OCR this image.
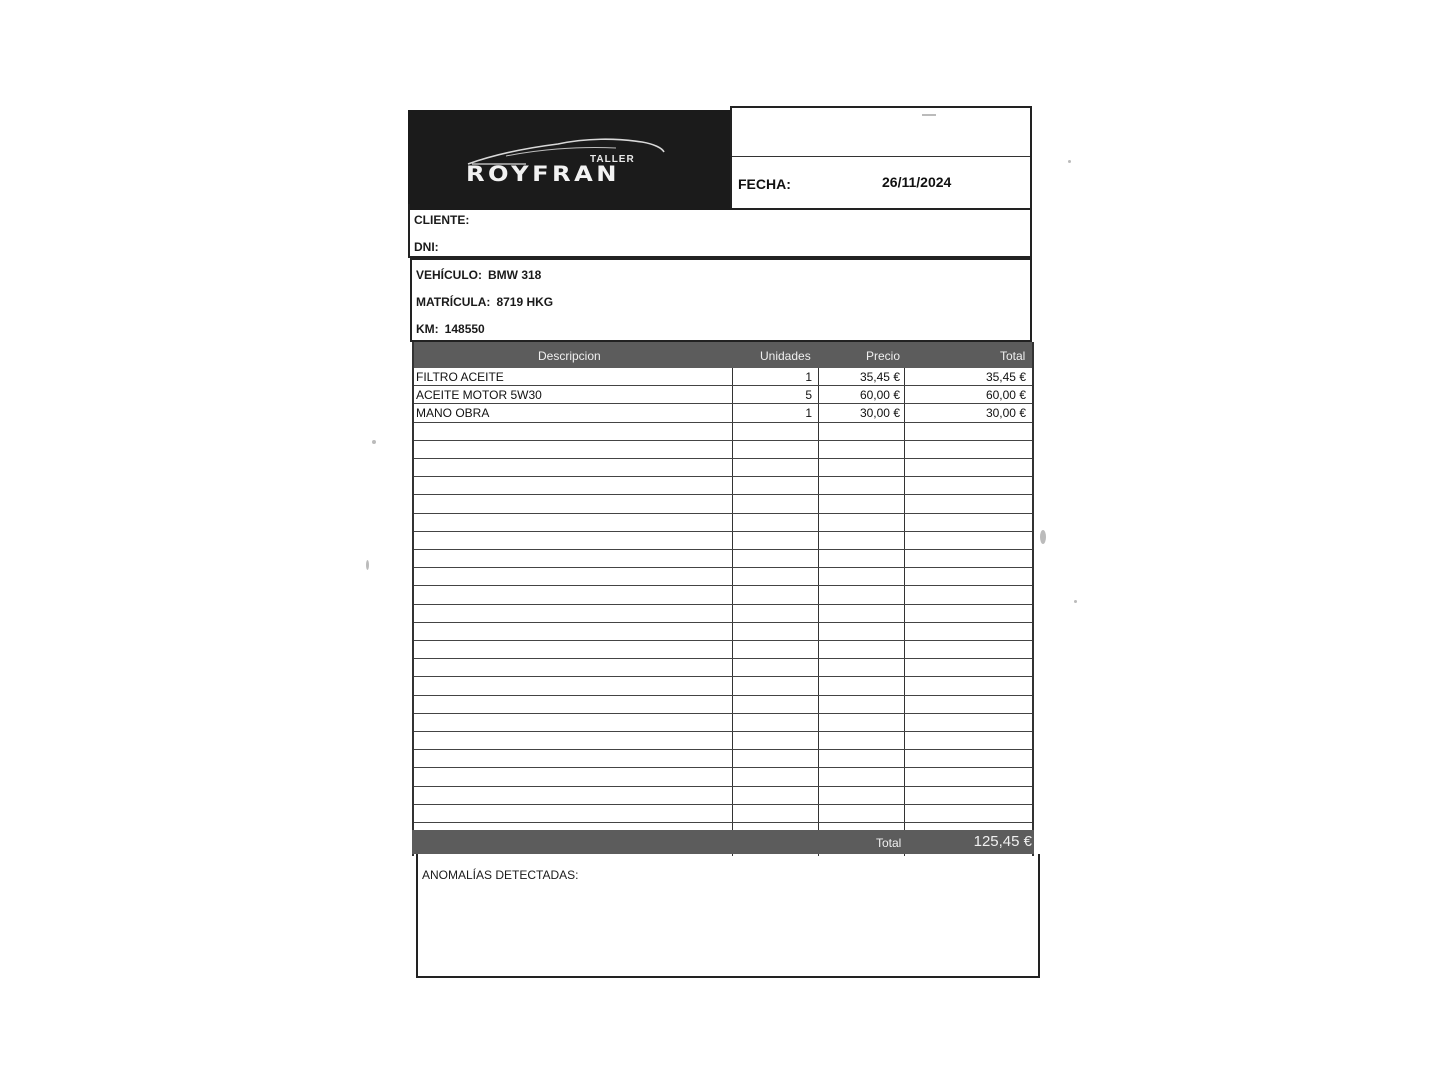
TALLER
ROYFRAN	FECHA:	26/11/2024
CLIENTE:
DNI:
VEHÍCULO: BMW 318
MATRÍCULA: 8719 HKG
KM: 148550
Descripcion	Unidades	Precio	Total
FILTRO ACEITE	1	35,45 €	35,45 €
ACEITE MOTOR 5W30	5	60,00 €	60,00 €
MANO OBRA	1	30,00 €	30,00 €
Total	125,45 €
ANOMALÍAS DETECTADAS:
